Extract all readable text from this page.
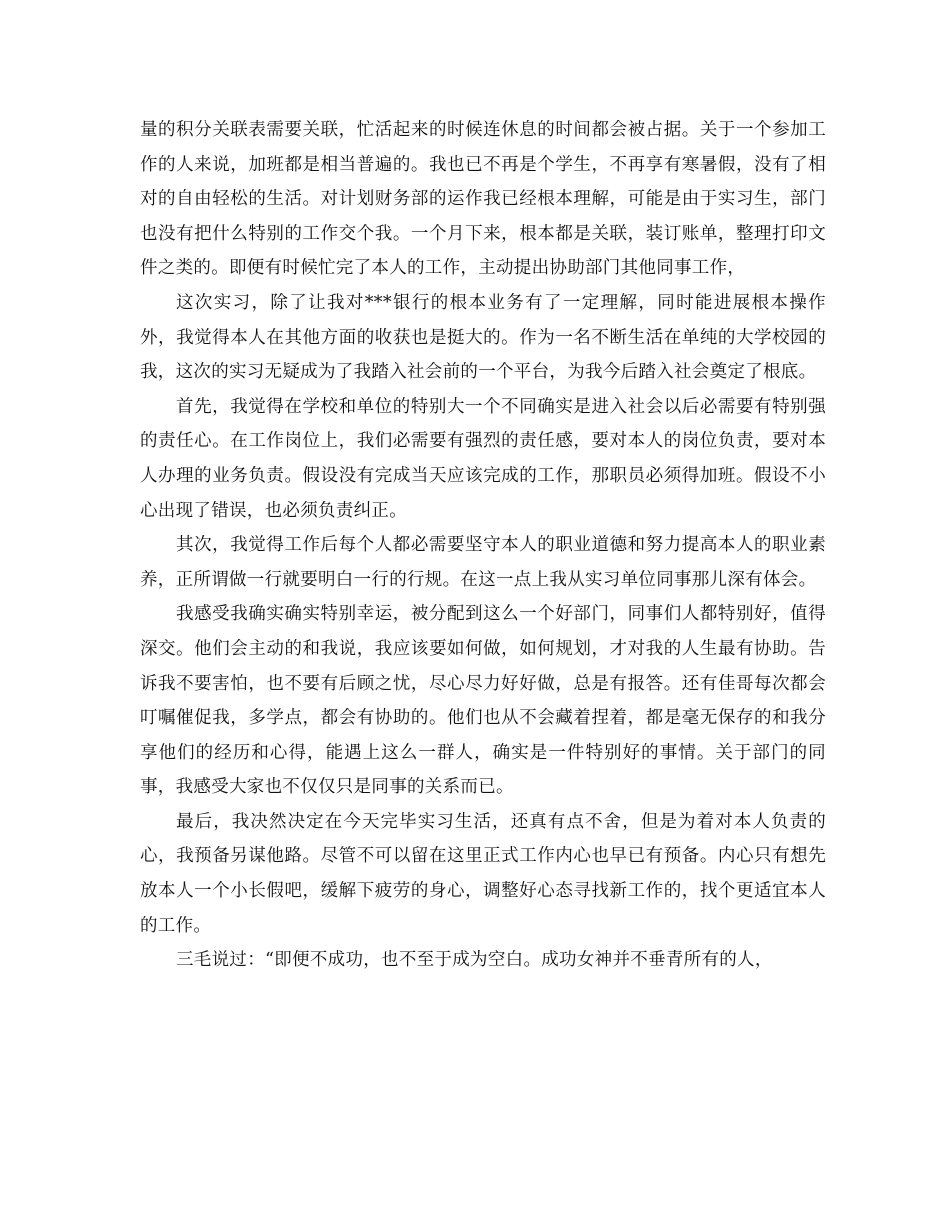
量的积分关联表需要关联，忙活起来的时候连休息的时间都会被占据。关于一个参加工作的人来说，加班都是相当普遍的。我也已不再是个学生，不再享有寒暑假，没有了相对的自由轻松的生活。对计划财务部的运作我已经根本理解，可能是由于实习生，部门也没有把什么特别的工作交个我。一个月下来，根本都是关联，装订账单，整理打印文件之类的。即便有时候忙完了本人的工作，主动提出协助部门其他同事工作，

这次实习，除了让我对***银行的根本业务有了一定理解，同时能进展根本操作外，我觉得本人在其他方面的收获也是挺大的。作为一名不断生活在单纯的大学校园的我，这次的实习无疑成为了我踏入社会前的一个平台，为我今后踏入社会奠定了根底。

首先，我觉得在学校和单位的特别大一个不同确实是进入社会以后必需要有特别强的责任心。在工作岗位上，我们必需要有强烈的责任感，要对本人的岗位负责，要对本人办理的业务负责。假设没有完成当天应该完成的工作，那职员必须得加班。假设不小心出现了错误，也必须负责纠正。

其次，我觉得工作后每个人都必需要坚守本人的职业道德和努力提高本人的职业素养，正所谓做一行就要明白一行的行规。在这一点上我从实习单位同事那儿深有体会。

我感受我确实确实特别幸运，被分配到这么一个好部门，同事们人都特别好，值得深交。他们会主动的和我说，我应该要如何做，如何规划，才对我的人生最有协助。告诉我不要害怕，也不要有后顾之忧，尽心尽力好好做，总是有报答。还有佳哥每次都会叮嘱催促我，多学点，都会有协助的。他们也从不会藏着捏着，都是毫无保存的和我分享他们的经历和心得，能遇上这么一群人，确实是一件特别好的事情。关于部门的同事，我感受大家也不仅仅只是同事的关系而已。

最后，我决然决定在今天完毕实习生活，还真有点不舍，但是为着对本人负责的心，我预备另谋他路。尽管不可以留在这里正式工作内心也早已有预备。内心只有想先放本人一个小长假吧，缓解下疲劳的身心，调整好心态寻找新工作的，找个更适宜本人的工作。

三毛说过：“即便不成功，也不至于成为空白。成功女神并不垂青所有的人，
